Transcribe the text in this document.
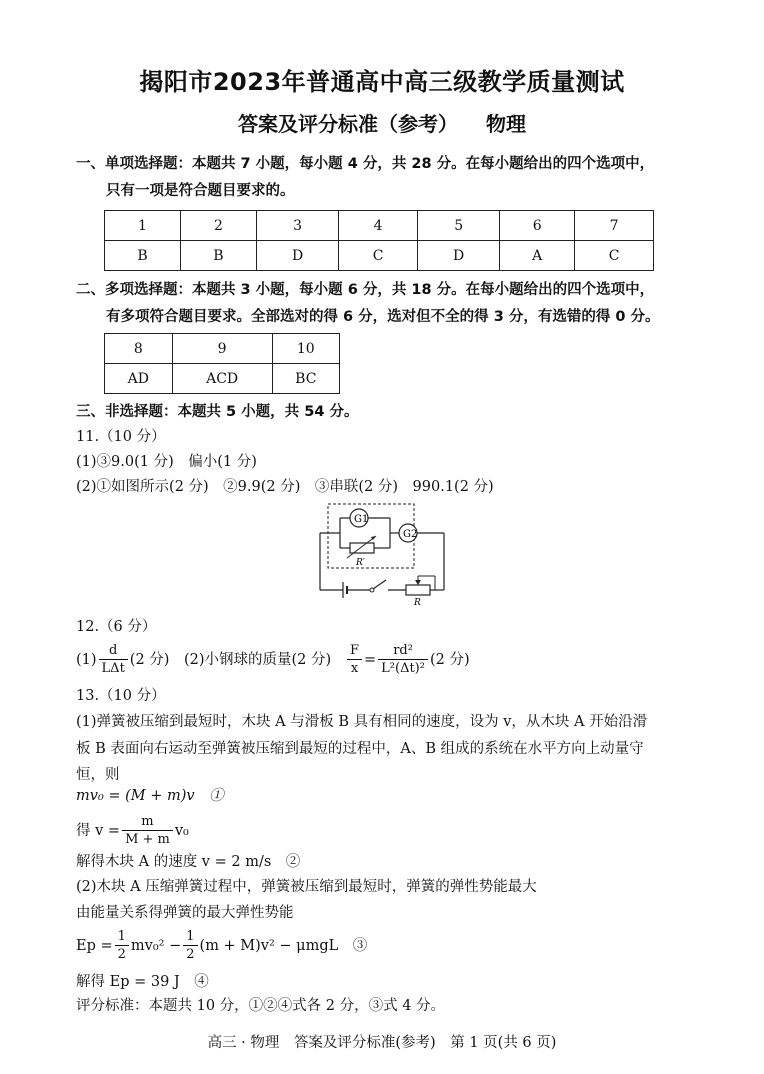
揭阳市2023年普通高中高三级教学质量测试
答案及评分标准（参考） 物理
一、单项选择题：本题共 7 小题，每小题 4 分，共 28 分。在每小题给出的四个选项中，
只有一项是符合题目要求的。
1	2	3	4	5	6	7
B	B	D	C	D	A	C
二、多项选择题：本题共 3 小题，每小题 6 分，共 18 分。在每小题给出的四个选项中，
有多项符合题目要求。全部选对的得 6 分，选对但不全的得 3 分，有选错的得 0 分。
8	9	10
AD	ACD	BC
三、非选择题：本题共 5 小题，共 54 分。
11.（10 分）
(1)③9.0(1 分)　偏小(1 分)
(2)①如图所示(2 分)　②9.9(2 分)　③串联(2 分)　990.1(2 分)
G1
R′
G2
R
12.（6 分）
$(1) \frac{d}{\text{LΔt}} (2$ 分)　(2)小钢球的质量(2 分) $\frac{F}{x} = \frac{\text{rd²}}{\text{L²(Δt)²}} (2$ 分)
13.（10 分）
(1)弹簧被压缩到最短时，木块 A 与滑板 B 具有相同的速度，设为 v，从木块 A 开始沿滑
板 B 表面向右运动至弹簧被压缩到最短的过程中，A、B 组成的系统在水平方向上动量守
恒，则
mv₀ = (M + m)v　①
得 $v = \frac{m}{M + m} v_0$
解得木块 A 的速度 v = 2 m/s　②
(2)木块 A 压缩弹簧过程中，弹簧被压缩到最短时，弹簧的弹性势能最大
由能量关系得弹簧的最大弹性势能
$Ep = \frac{1}{2} mv_0^2 - \frac{1}{2} (m + M)v^2 - \mu mgL$　③
解得 Ep = 39 J　④
评分标准：本题共 10 分，①②④式各 2 分，③式 4 分。
高三 · 物理　答案及评分标准(参考)　第 1 页(共 6 页)
